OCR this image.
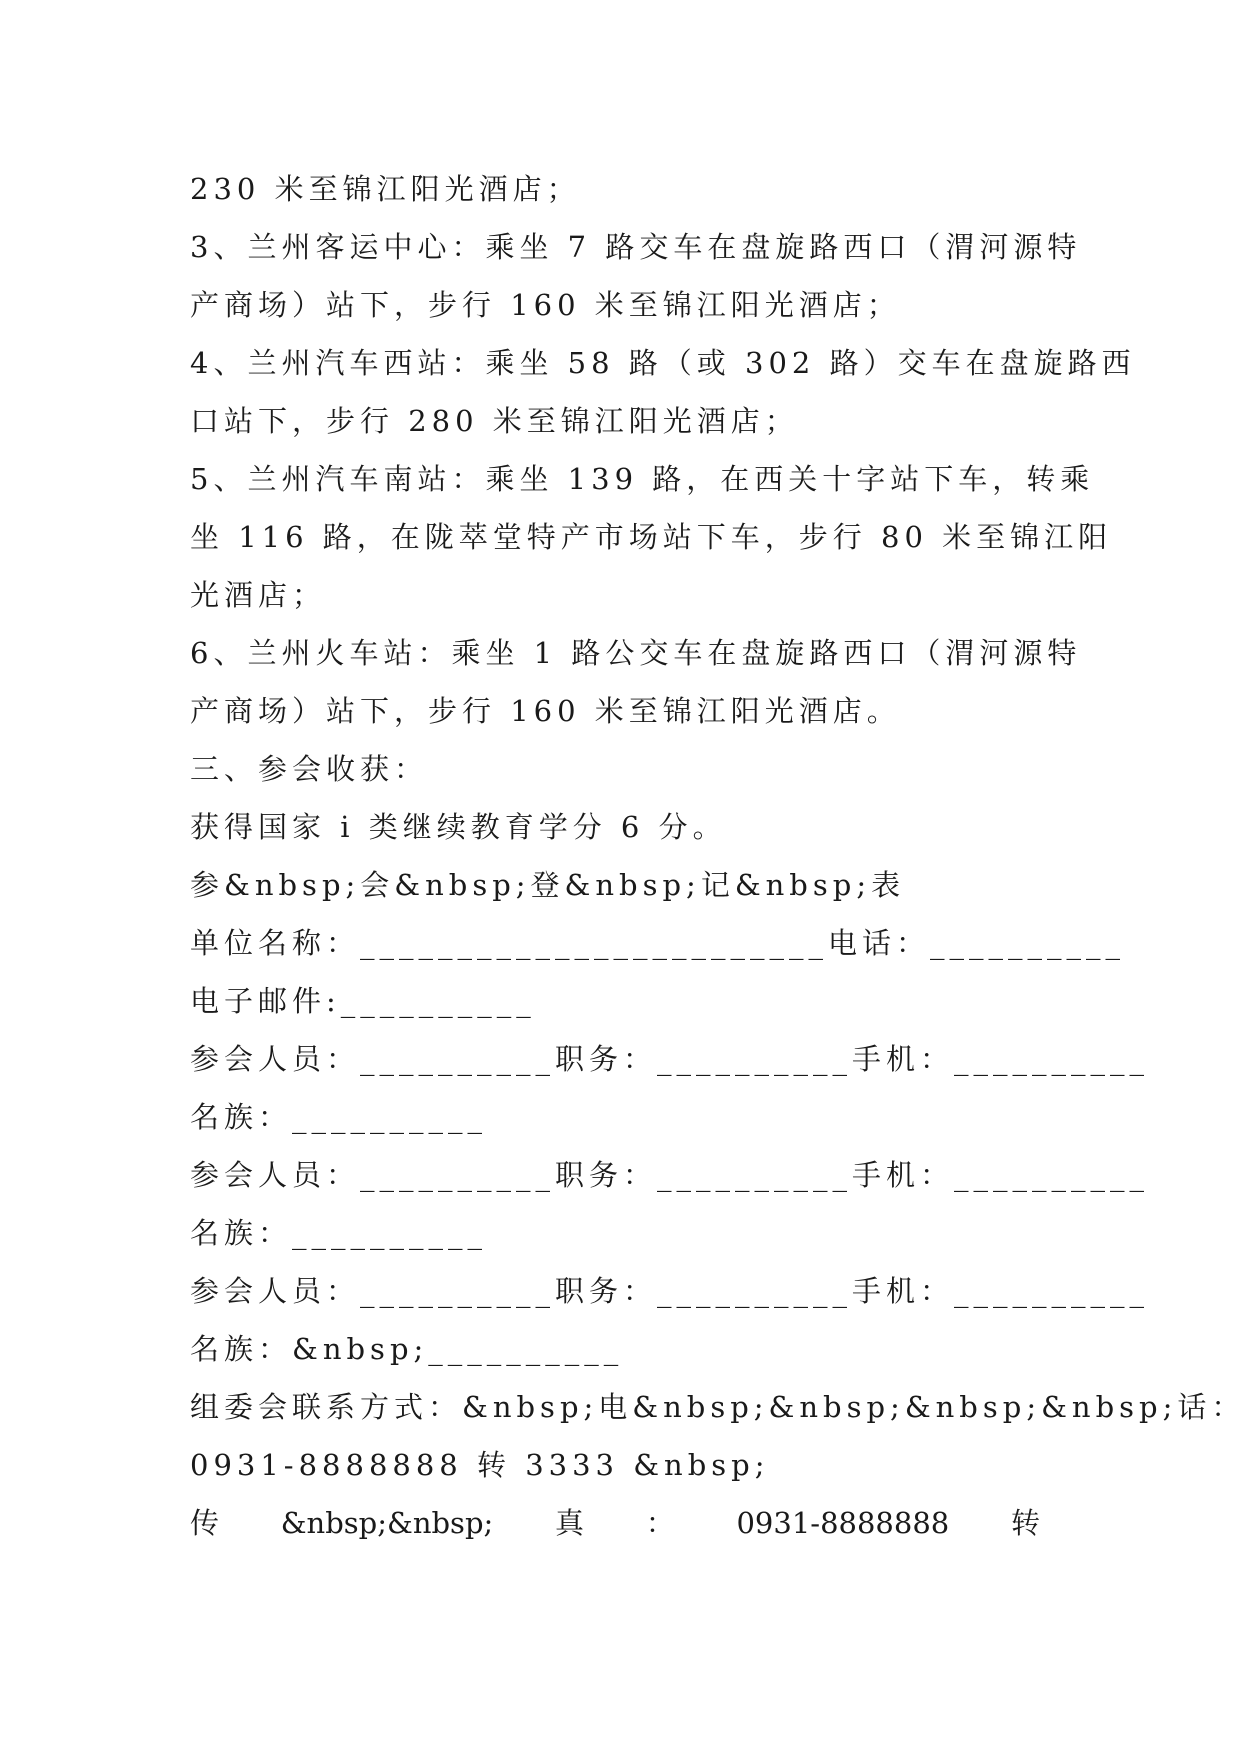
230 米至锦江阳光酒店；
3、兰州客运中心：乘坐 7 路交车在盘旋路西口（渭河源特
产商场）站下，步行 160 米至锦江阳光酒店；
4、兰州汽车西站：乘坐 58 路（或 302 路）交车在盘旋路西
口站下，步行 280 米至锦江阳光酒店；
5、兰州汽车南站：乘坐 139 路，在西关十字站下车，转乘
坐 116 路，在陇萃堂特产市场站下车，步行 80 米至锦江阳
光酒店；
6、兰州火车站：乘坐 1 路公交车在盘旋路西口（渭河源特
产商场）站下，步行 160 米至锦江阳光酒店。
三、参会收获：
获得国家 i 类继续教育学分 6 分。
参&nbsp;会&nbsp;登&nbsp;记&nbsp;表
单位名称：________________________电话：__________
电子邮件:__________
参会人员：__________职务：__________手机：__________
名族：__________
参会人员：__________职务：__________手机：__________
名族：__________
参会人员：__________职务：__________手机：__________
名族：&nbsp;__________
组委会联系方式：&nbsp;电&nbsp;&nbsp;&nbsp;&nbsp;话：
0931-8888888 转 3333 &nbsp;
传 &nbsp;&nbsp; 真 ： 0931-8888888 转
